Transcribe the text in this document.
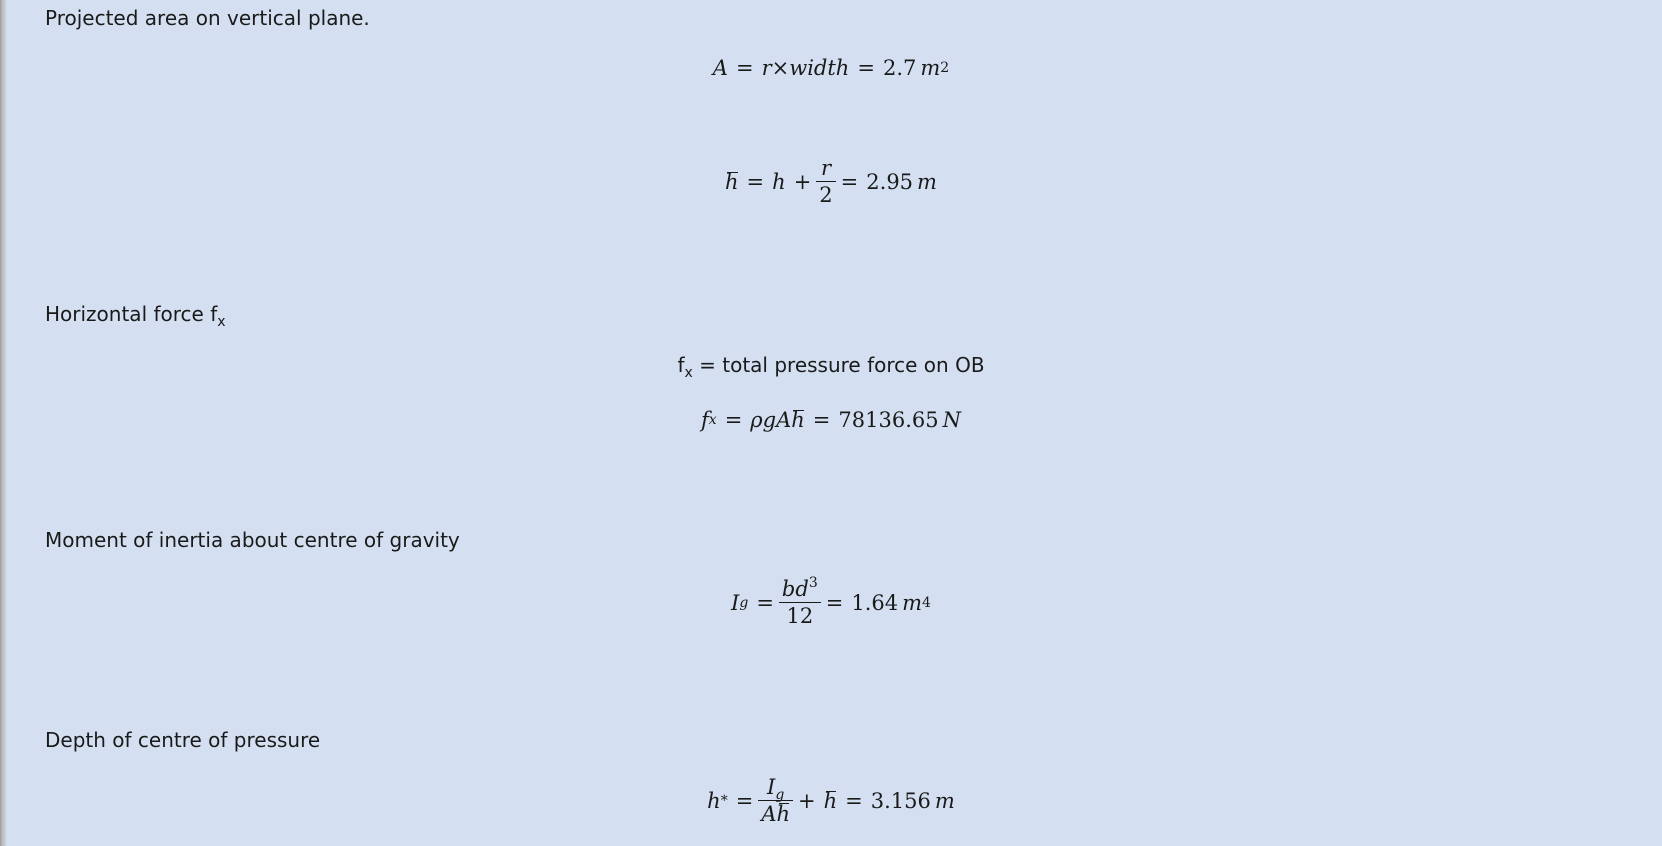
Projected area on vertical plane.
A = r × width = 2.7 m 2
$h = h + \frac{r}{2} = 2.95$ m
Horizontal force $f_x$
$f_x$ = total pressure force on OB
f x = ρgA h = 78136.65 N
Moment of inertia about centre of gravity
I $g = \frac{bd^3}{12} = 1.64$ m 4
Depth of centre of pressure
h * = $\frac{I_g}{Ah} + h = 3.156$ m
